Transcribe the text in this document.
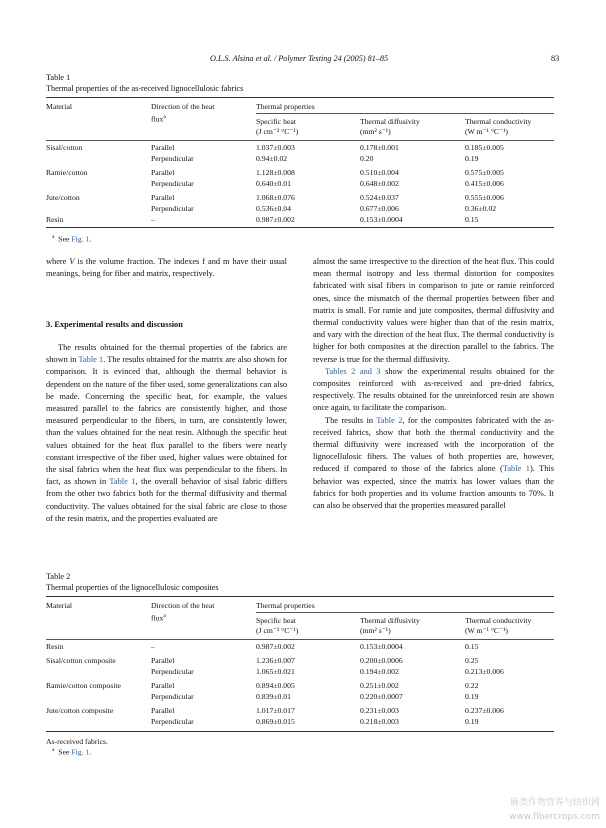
O.L.S. Alsina et al. / Polymer Testing 24 (2005) 81–85	83
Table 1
Thermal properties of the as-received lignocellulosic fabrics
Material	Direction of the heat
flux$^a$
Thermal properties
Specific heat
(J cm⁻³ °C⁻¹)
Thermal diffusivity
(mm² s⁻¹)
Thermal conductivity
(W m⁻¹ °C⁻¹)
Sisal/cotton	Parallel	1.037±0.003	0.178±0.001	0.185±0.005
Perpendicular	0.94±0.02	0.20	0.19
Ramie/cotton	Parallel	1.128±0.008	0.510±0.004	0.575±0.005
Perpendicular	0.640±0.01	0.648±0.002	0.415±0.006
Jute/cotton	Parallel	1.068±0.076	0.524±0.037	0.555±0.006
Perpendicular	0.536±0.04	0.677±0.006	0.36±0.02
Resin	–	0.987±0.002	0.153±0.0004	0.15
$^a$ See Fig. 1.

where V is the volume fraction. The indexes f and m have their usual meanings, being for fiber and matrix, respectively.

3. Experimental results and discussion

The results obtained for the thermal properties of the fabrics are shown in Table 1. The results obtained for the matrix are also shown for comparison. It is evinced that, although the thermal behavior is dependent on the nature of the fiber used, some generalizations can also be made. Concerning the specific heat, for example, the values measured parallel to the fabrics are consistently higher, and those measured perpendicular to the fibers, in turn, are consistently lower, than the values obtained for the neat resin. Although the specific heat values obtained for the heat flux parallel to the fibers were nearly constant irrespective of the fiber used, higher values were obtained for the sisal fabrics when the heat flux was perpendicular to the fibers. In fact, as shown in Table 1, the overall behavior of sisal fabric differs from the other two fabrics both for the thermal diffusivity and thermal conductivity. The values obtained for the sisal fabric are close to those of the resin matrix, and the properties evaluated are

almost the same irrespective to the direction of the heat flux. This could mean thermal isotropy and less thermal distortion for composites fabricated with sisal fibers in comparison to jute or ramie reinforced ones, since the mismatch of the thermal properties between fiber and matrix is small. For ramie and jute composites, thermal diffusivity and thermal conductivity values were higher than that of the resin matrix, and vary with the direction of the heat flux. The thermal conductivity is higher for both composites at the direction parallel to the fabrics. The reverse is true for the thermal diffusivity.

Tables 2 and 3 show the experimental results obtained for the composites reinforced with as-received and pre-dried fabrics, respectively. The results obtained for the unreinforced resin are shown once again, to facilitate the comparison.

The results in Table 2, for the composites fabricated with the as-received fabrics, show that both the thermal conductivity and the thermal diffusivity were increased with the incorporation of the lignocellulosic fibers. The values of both properties are, however, reduced if compared to those of the fabrics alone (Table 1). This behavior was expected, since the matrix has lower values than the fabrics for both properties and its volume fraction amounts to 70%. It can also be observed that the properties measured parallel

Table 2
Thermal properties of the lignocellulosic composites
Material	Direction of the heat
flux$^a$
Thermal properties
Specific heat
(J cm⁻³ °C⁻¹)
Thermal diffusivity
(mm² s⁻¹)
Thermal conductivity
(W m⁻¹ °C⁻¹)
Resin	–	0.987±0.002	0.153±0.0004	0.15
Sisal/cotton composite	Parallel	1.236±0.007	0.200±0.0006	0.25
Perpendicular	1.065±0.021	0.194±0.002	0.213±0.006
Ramie/cotton composite	Parallel	0.894±0.005	0.251±0.002	0.22
Perpendicular	0.839±0.01	0.220±0.0007	0.19
Jute/cotton composite	Parallel	1.017±0.017	0.231±0.003	0.237±0.006
Perpendicular	0.869±0.015	0.218±0.003	0.19
As-received fabrics.
$^a$ See Fig. 1.
麻类作物营养与纺织网
www.fibercrops.com
